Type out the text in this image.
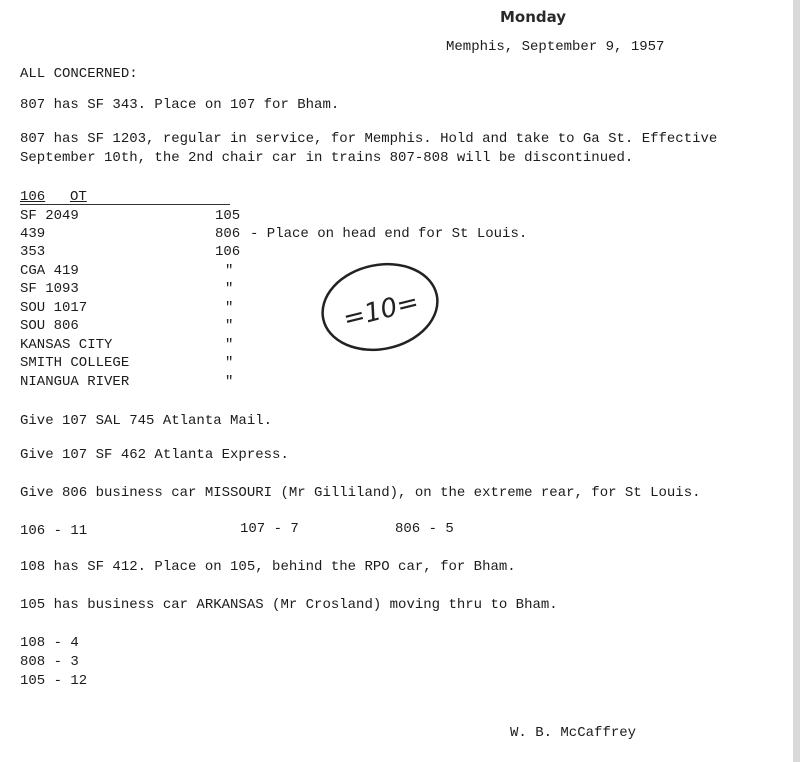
Monday
Memphis, September 9, 1957
ALL CONCERNED:
807 has SF 343. Place on 107 for Bham.
807 has SF 1203, regular in service, for Memphis. Hold and take to Ga St. Effective
September 10th, the 2nd chair car in trains 807-808 will be discontinued.
106 OT
SF 2049	105
439	806 - Place on head end for St Louis.
353	106
CGA 419	"
SF 1093	"
SOU 1017	"
SOU 806	"
KANSAS CITY	"
SMITH COLLEGE	"
NIANGUA RIVER	"
=10=
Give 107 SAL 745 Atlanta Mail.
Give 107 SF 462 Atlanta Express.
Give 806 business car MISSOURI (Mr Gilliland), on the extreme rear, for St Louis.
106 - 11	107 - 7	806 - 5
108 has SF 412. Place on 105, behind the RPO car, for Bham.
105 has business car ARKANSAS (Mr Crosland) moving thru to Bham.
108 - 4
808 - 3
105 - 12
W. B. McCaffrey
